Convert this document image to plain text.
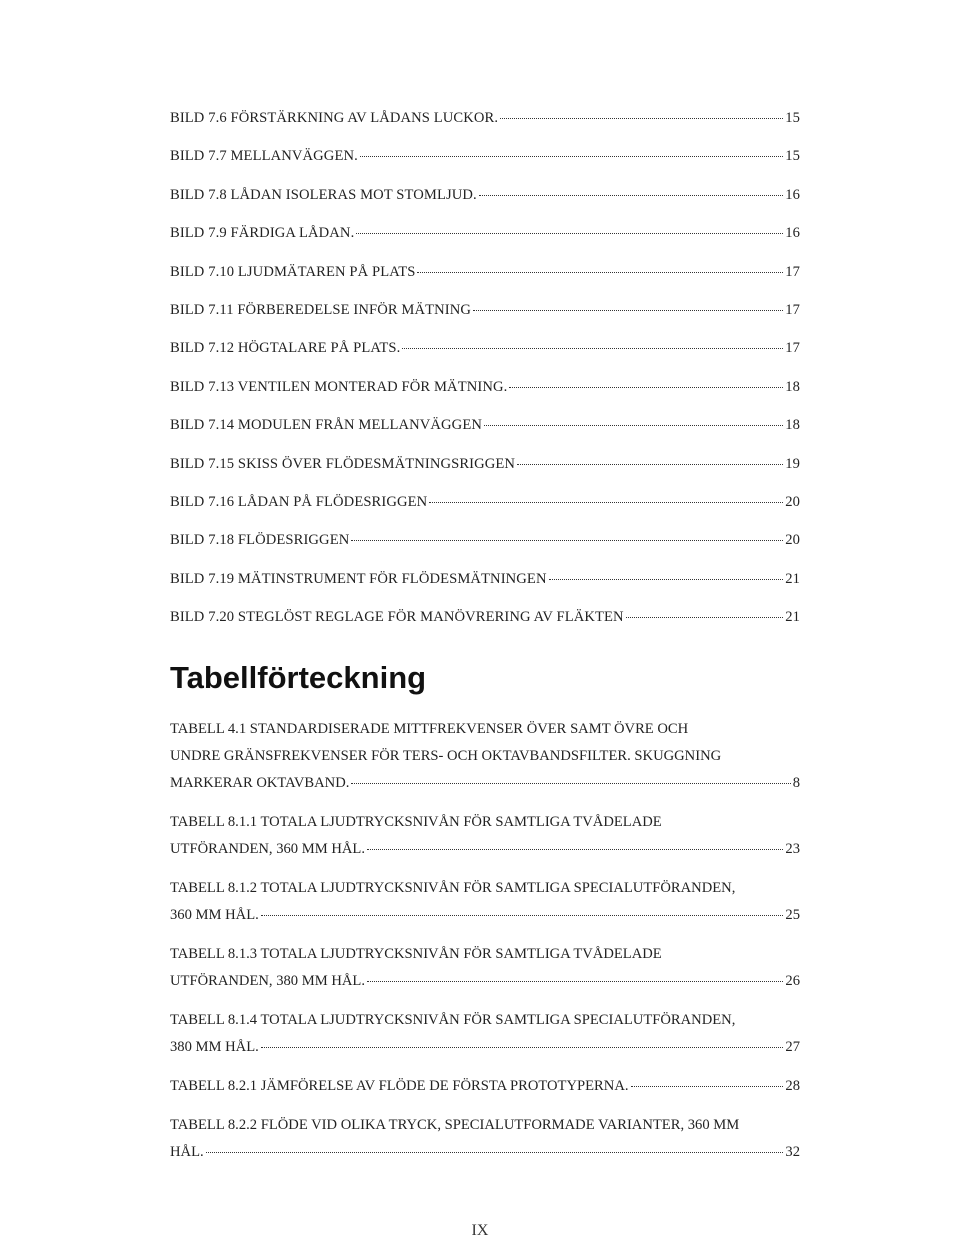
BILD 7.6 FÖRSTÄRKNING AV LÅDANS LUCKOR.	15
BILD 7.7 MELLANVÄGGEN.	15
BILD 7.8 LÅDAN ISOLERAS MOT STOMLJUD.	16
BILD 7.9 FÄRDIGA LÅDAN.	16
BILD 7.10 LJUDMÄTAREN PÅ PLATS	17
BILD 7.11 FÖRBEREDELSE INFÖR MÄTNING	17
BILD 7.12 HÖGTALARE PÅ PLATS.	17
BILD 7.13 VENTILEN MONTERAD FÖR MÄTNING.	18
BILD 7.14 MODULEN FRÅN MELLANVÄGGEN	18
BILD 7.15 SKISS ÖVER FLÖDESMÄTNINGSRIGGEN	19
BILD 7.16 LÅDAN PÅ FLÖDESRIGGEN	20
BILD 7.18 FLÖDESRIGGEN	20
BILD 7.19 MÄTINSTRUMENT FÖR FLÖDESMÄTNINGEN	21
BILD 7.20 STEGLÖST REGLAGE FÖR MANÖVRERING AV FLÄKTEN	21
Tabellförteckning
TABELL 4.1 STANDARDISERADE MITTFREKVENSER ÖVER SAMT ÖVRE OCH
UNDRE GRÄNSFREKVENSER FÖR TERS- OCH OKTAVBANDSFILTER. SKUGGNING
MARKERAR OKTAVBAND.	8
TABELL 8.1.1 TOTALA LJUDTRYCKSNIVÅN FÖR SAMTLIGA TVÅDELADE
UTFÖRANDEN, 360 MM HÅL.	23
TABELL 8.1.2 TOTALA LJUDTRYCKSNIVÅN FÖR SAMTLIGA SPECIALUTFÖRANDEN,
360 MM HÅL.	25
TABELL 8.1.3 TOTALA LJUDTRYCKSNIVÅN FÖR SAMTLIGA TVÅDELADE
UTFÖRANDEN, 380 MM HÅL.	26
TABELL 8.1.4 TOTALA LJUDTRYCKSNIVÅN FÖR SAMTLIGA SPECIALUTFÖRANDEN,
380 MM HÅL.	27
TABELL 8.2.1 JÄMFÖRELSE AV FLÖDE DE FÖRSTA PROTOTYPERNA.	28
TABELL 8.2.2 FLÖDE VID OLIKA TRYCK, SPECIALUTFORMADE VARIANTER, 360 MM
HÅL.	32
IX
